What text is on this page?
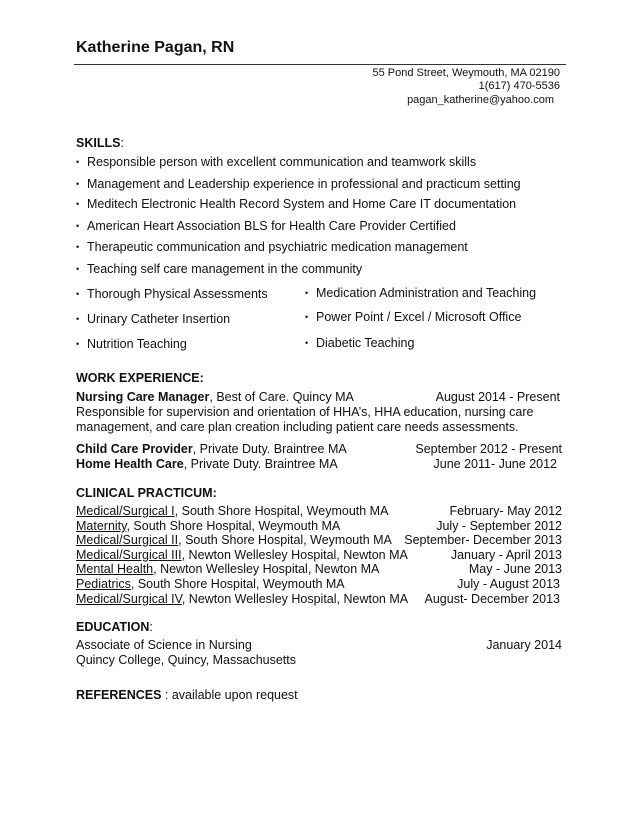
Katherine Pagan, RN
55 Pond Street, Weymouth, MA 02190
1(617) 470-5536
pagan_katherine@yahoo.com
SKILLS:
• Responsible person with excellent communication and teamwork skills
• Management and Leadership experience in professional and practicum setting
• Meditech Electronic Health Record System and Home Care IT documentation
• American Heart Association BLS for Health Care Provider Certified
• Therapeutic communication and psychiatric medication management
• Teaching self care management in the community
• Thorough Physical Assessments
• Urinary Catheter Insertion
• Nutrition Teaching
• Medication Administration and Teaching
• Power Point / Excel / Microsoft Office
• Diabetic Teaching
WORK EXPERIENCE:
Nursing Care Manager, Best of Care. Quincy MA	August 2014 - Present
Responsible for supervision and orientation of HHA’s, HHA education, nursing care
management, and care plan creation including patient care needs assessments.
Child Care Provider, Private Duty. Braintree MA	September 2012 - Present
Home Health Care, Private Duty. Braintree MA	June 2011- June 2012
CLINICAL PRACTICUM:
Medical/Surgical I, South Shore Hospital, Weymouth MA	February- May 2012
Maternity, South Shore Hospital, Weymouth MA	July - September 2012
Medical/Surgical II, South Shore Hospital, Weymouth MA September- December 2013
Medical/Surgical III, Newton Wellesley Hospital, Newton MA	January - April 2013
Mental Health, Newton Wellesley Hospital, Newton MA	May - June 2013
Pediatrics, South Shore Hospital, Weymouth MA	July - August 2013
Medical/Surgical IV, Newton Wellesley Hospital, Newton MA August- December 2013
EDUCATION:
Associate of Science in Nursing	January 2014
Quincy College, Quincy, Massachusetts
REFERENCES : available upon request
